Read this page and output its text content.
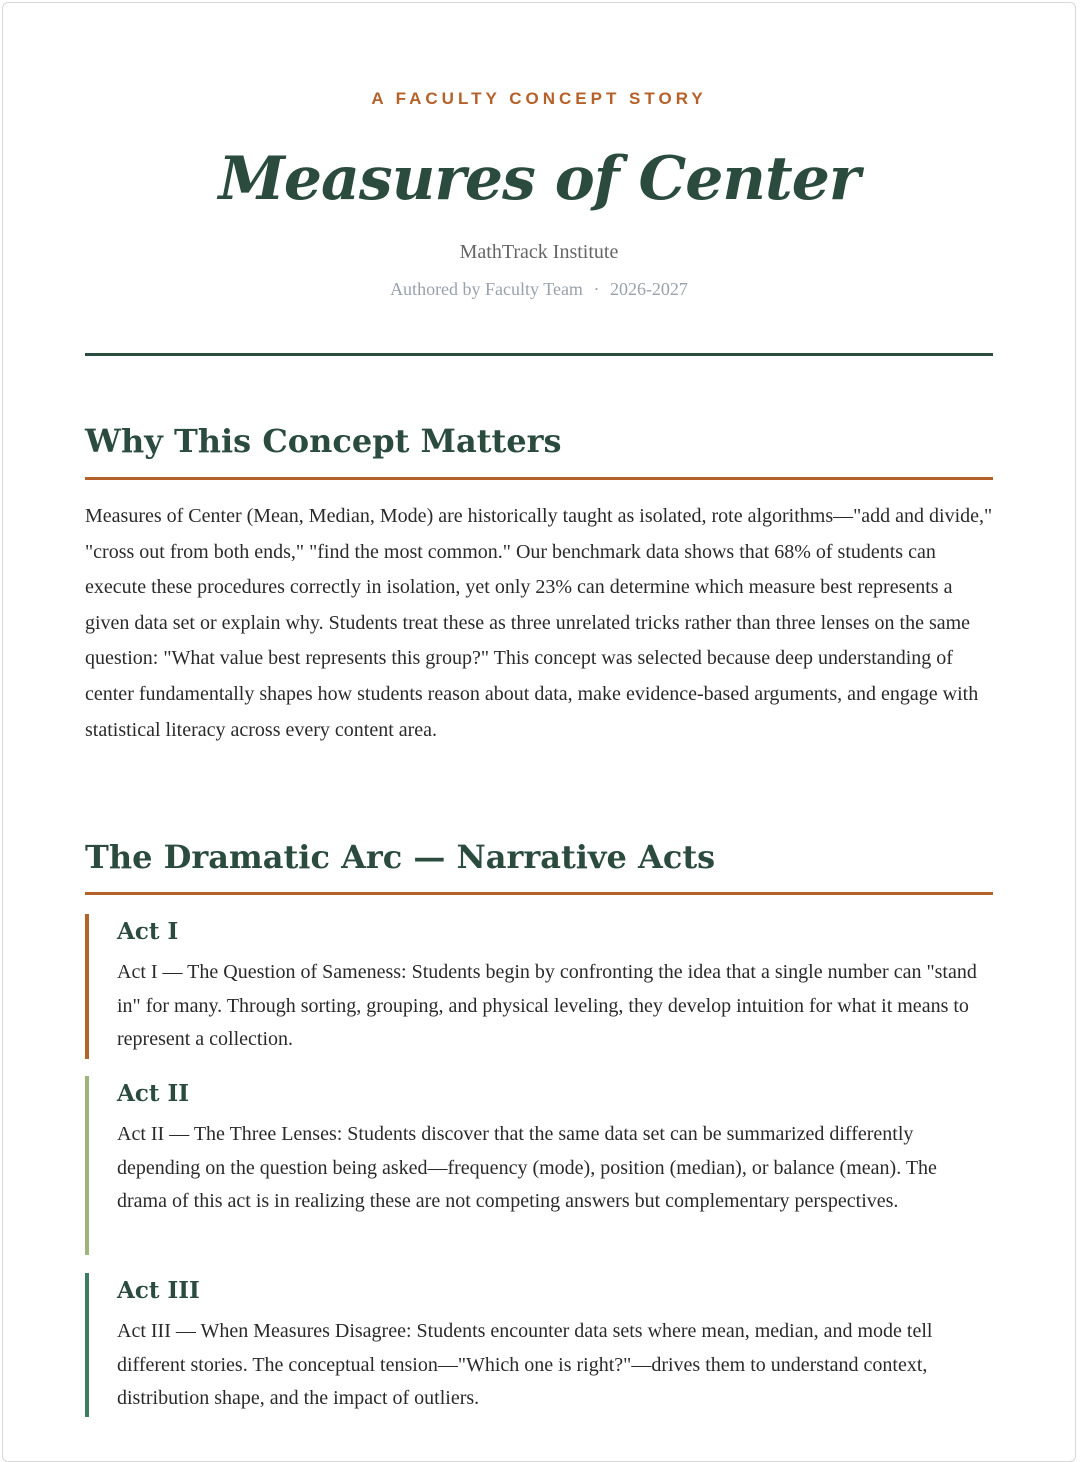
A FACULTY CONCEPT STORY
Measures of Center
MathTrack Institute
Authored by Faculty Team · 2026-2027
Why This Concept Matters

Measures of Center (Mean, Median, Mode) are historically taught as isolated, rote algorithms—"add and divide," "cross out from both ends," "find the most common." Our benchmark data shows that 68% of students can execute these procedures correctly in isolation, yet only 23% can determine which measure best represents a given data set or explain why. Students treat these as three unrelated tricks rather than three lenses on the same question: "What value best represents this group?" This concept was selected because deep understanding of center fundamentally shapes how students reason about data, make evidence-based arguments, and engage with statistical literacy across every content area.

The Dramatic Arc — Narrative Acts
Act I

Act I — The Question of Sameness: Students begin by confronting the idea that a single number can "stand in" for many. Through sorting, grouping, and physical leveling, they develop intuition for what it means to represent a collection.

Act II

Act II — The Three Lenses: Students discover that the same data set can be summarized differently depending on the question being asked—frequency (mode), position (median), or balance (mean). The drama of this act is in realizing these are not competing answers but complementary perspectives.

Act III

Act III — When Measures Disagree: Students encounter data sets where mean, median, and mode tell different stories. The conceptual tension—"Which one is right?"—drives them to understand context, distribution shape, and the impact of outliers.
